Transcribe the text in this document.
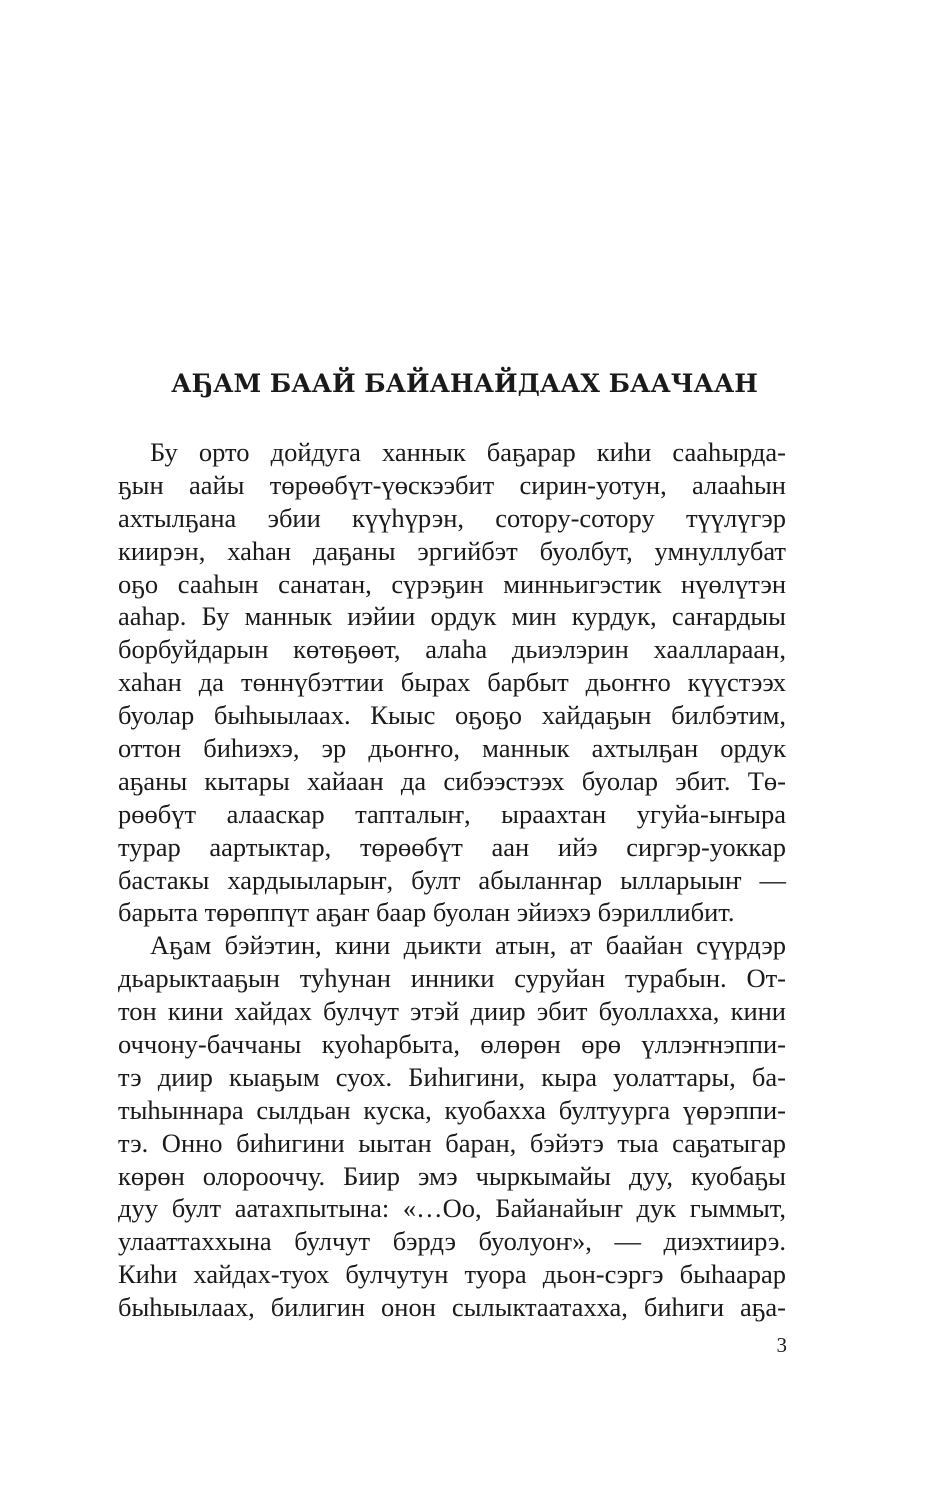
АҔАМ БААЙ БАЙАНАЙДААХ БААЧААН
Бу орто дойдуга ханнык баҕарар киһи сааһырда-
ҕын аайы төрөөбүт-үөскээбит сирин-уотун, алааһын
ахтылҕана эбии күүһүрэн, сотору-сотору түүлүгэр
киирэн, хаһан даҕаны эргийбэт буолбут, умнуллубат
оҕо сааһын санатан, сүрэҕин минньигэстик нүөлүтэн
ааһар. Бу маннык иэйии ордук мин курдук, саҥардыы
борбуйдарын көтөҕөөт, алаһа дьиэлэрин хааллараан,
хаһан да төннүбэттии бырах барбыт дьоҥҥо күүстээх
буолар быһыылаах. Кыыс оҕоҕо хайдаҕын билбэтим,
оттон биһиэхэ, эр дьоҥҥо, маннык ахтылҕан ордук
аҕаны кытары хайаан да сибээстээх буолар эбит. Тө-
рөөбүт алааскар тапталыҥ, ыраахтан угуйа-ыҥыра
турар аартыктар, төрөөбүт аан ийэ сиргэр-уоккар
бастакы хардыыларыҥ, булт абыланҥар ылларыыҥ —
барыта төрөппүт аҕаҥ баар буолан эйиэхэ бэриллибит.
Аҕам бэйэтин, кини дьикти атын, ат баайан сүүрдэр
дьарыктааҕын туһунан инники суруйан турабын. От-
тон кини хайдах булчут этэй диир эбит буоллахха, кини
оччону-баччаны куоһарбыта, өлөрөн өрө үллэҥнэппи-
тэ диир кыаҕым суох. Биһигини, кыра уолаттары, ба-
тыһыннара сылдьан куска, куобахха бултуурга үөрэппи-
тэ. Онно биһигини ыытан баран, бэйэтэ тыа саҕатыгар
көрөн олорооччу. Биир эмэ чыркымайы дуу, куобаҕы
дуу булт аатахпытына: «…Оо, Байанайыҥ дук гыммыт,
улааттаххына булчут бэрдэ буолуоҥ», — диэхтиирэ.
Киһи хайдах-туох булчутун туора дьон-сэргэ быһаарар
быһыылаах, билигин онон сылыктаатахха, биһиги аҕа-
3
